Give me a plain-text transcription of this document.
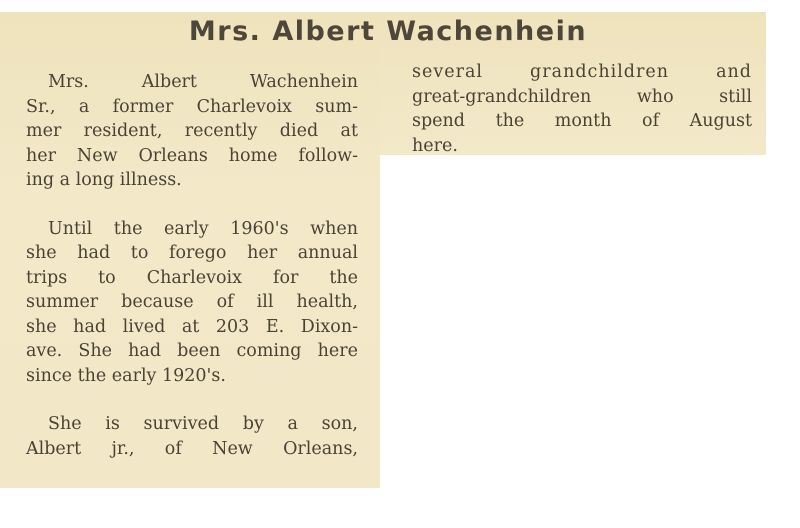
Mrs. Albert Wachenhein

Mrs. Albert Wachenhein
Sr., a former Charlevoix sum-
mer resident, recently died at
her New Orleans home follow-
ing a long illness.

Until the early 1960's when
she had to forego her annual
trips to Charlevoix for the
summer because of ill health,
she had lived at 203 E. Dixon-
ave. She had been coming here
since the early 1920's.

She is survived by a son,
Albert jr., of New Orleans,

several grandchildren and
great-grandchildren who still
spend the month of August
here.
